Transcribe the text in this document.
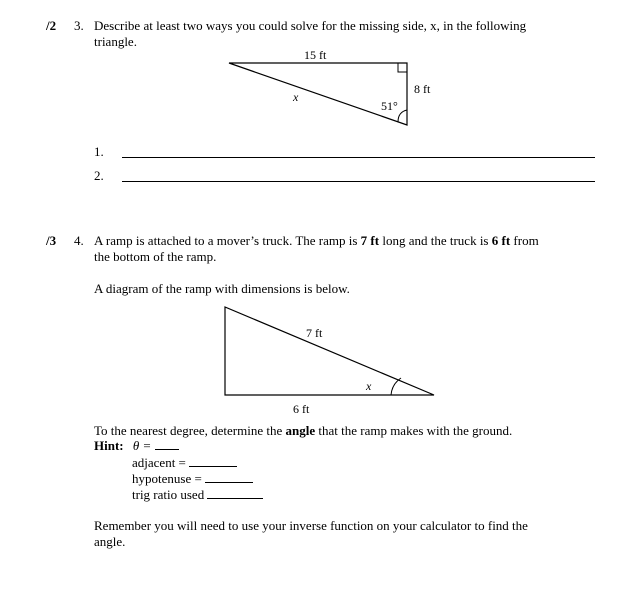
/2 3. Describe at least two ways you could solve for the missing side, x, in the following
triangle.
15 ft
8 ft
51°
x
1.
2.
/3 4. A ramp is attached to a mover’s truck. The ramp is 7 ft long and the truck is 6 ft from
the bottom of the ramp.
A diagram of the ramp with dimensions is below.
7 ft
x
6 ft
To the nearest degree, determine the angle that the ramp makes with the ground.
Hint: θ =
adjacent =
hypotenuse =
trig ratio used
Remember you will need to use your inverse function on your calculator to find the
angle.
